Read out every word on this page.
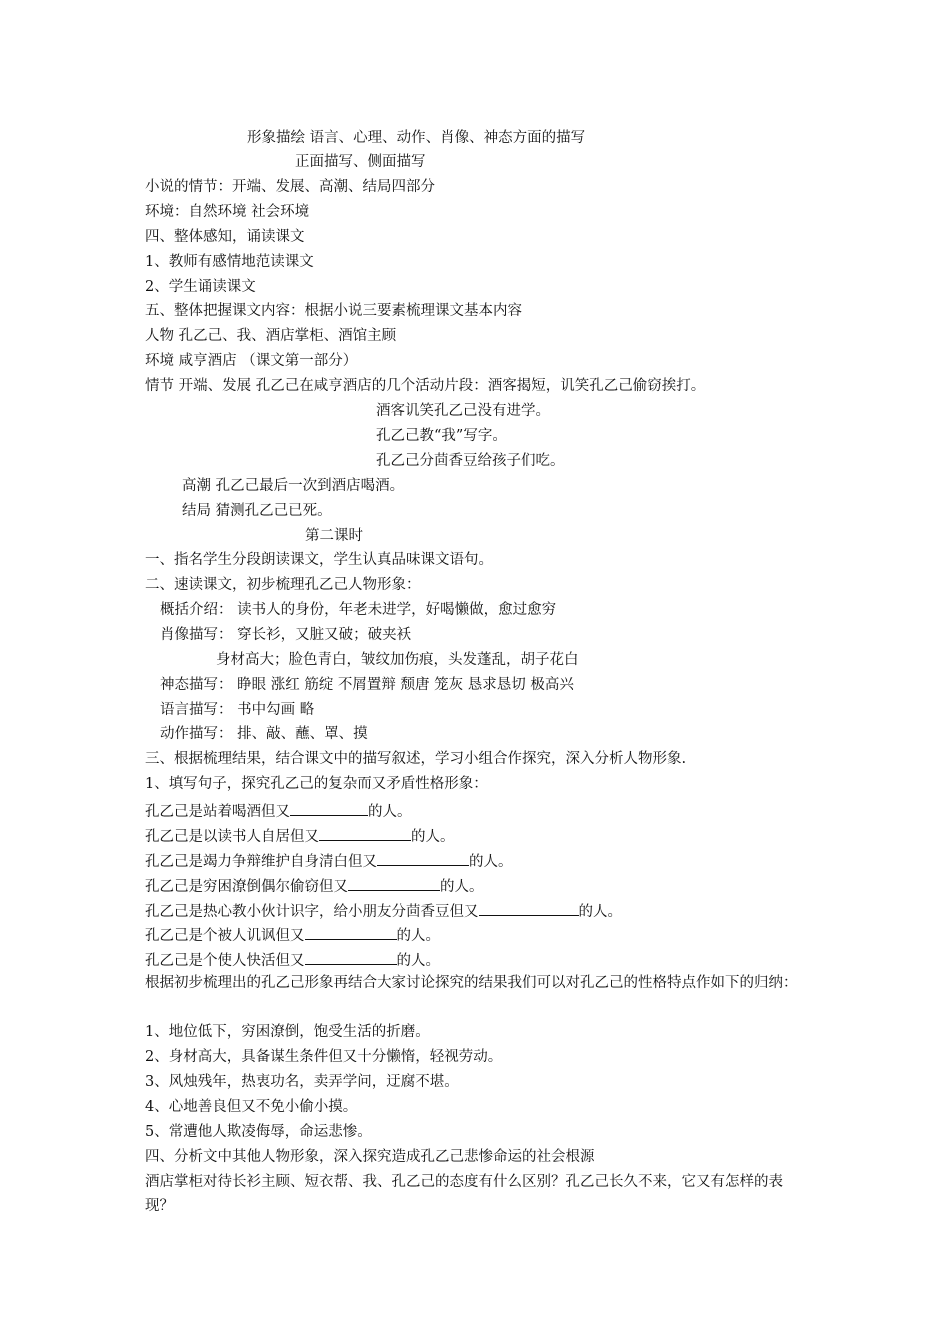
形象描绘 语言、心理、动作、肖像、神态方面的描写
正面描写、侧面描写
小说的情节：开端、发展、高潮、结局四部分
环境：自然环境 社会环境
四、整体感知，诵读课文
1、教师有感情地范读课文
2、学生诵读课文
五、整体把握课文内容：根据小说三要素梳理课文基本内容
人物 孔乙己、我、酒店掌柜、酒馆主顾
环境 咸亨酒店 （课文第一部分）
情节 开端、发展 孔乙己在咸亨酒店的几个活动片段：酒客揭短，讥笑孔乙己偷窃挨打。
酒客讥笑孔乙己没有进学。
孔乙己教“我”写字。
孔乙己分茴香豆给孩子们吃。
高潮 孔乙己最后一次到酒店喝酒。
结局 猜测孔乙己已死。
第二课时
一、指名学生分段朗读课文，学生认真品味课文语句。
二、速读课文，初步梳理孔乙己人物形象：
概括介绍： 读书人的身份，年老未进学，好喝懒做，愈过愈穷
肖像描写： 穿长衫，又脏又破；破夹袄
身材高大；脸色青白，皱纹加伤痕，头发蓬乱，胡子花白
神态描写： 睁眼 涨红 筋绽 不屑置辩 颓唐 笼灰 恳求恳切 极高兴
语言描写： 书中勾画 略
动作描写： 排、敲、蘸、罩、摸
三、根据梳理结果，结合课文中的描写叙述，学习小组合作探究，深入分析人物形象.
1、填写句子，探究孔乙己的复杂而又矛盾性格形象：
孔乙己是站着喝酒但又	的人。
孔乙己是以读书人自居但又	的人。
孔乙己是竭力争辩维护自身清白但又	的人。
孔乙己是穷困潦倒偶尔偷窃但又	的人。
孔乙己是热心教小伙计识字，给小朋友分茴香豆但又	的人。
孔乙己是个被人讥讽但又	的人。
孔乙己是个使人快活但又	的人。
根据初步梳理出的孔乙己形象再结合大家讨论探究的结果我们可以对孔乙己的性格特点作如下的归纳：
1、地位低下，穷困潦倒，饱受生活的折磨。
2、身材高大，具备谋生条件但又十分懒惰，轻视劳动。
3、风烛残年，热衷功名，卖弄学问，迂腐不堪。
4、心地善良但又不免小偷小摸。
5、常遭他人欺凌侮辱，命运悲惨。
四、分析文中其他人物形象，深入探究造成孔乙己悲惨命运的社会根源
酒店掌柜对待长衫主顾、短衣帮、我、孔乙己的态度有什么区别？孔乙己长久不来，它又有怎样的表现？
